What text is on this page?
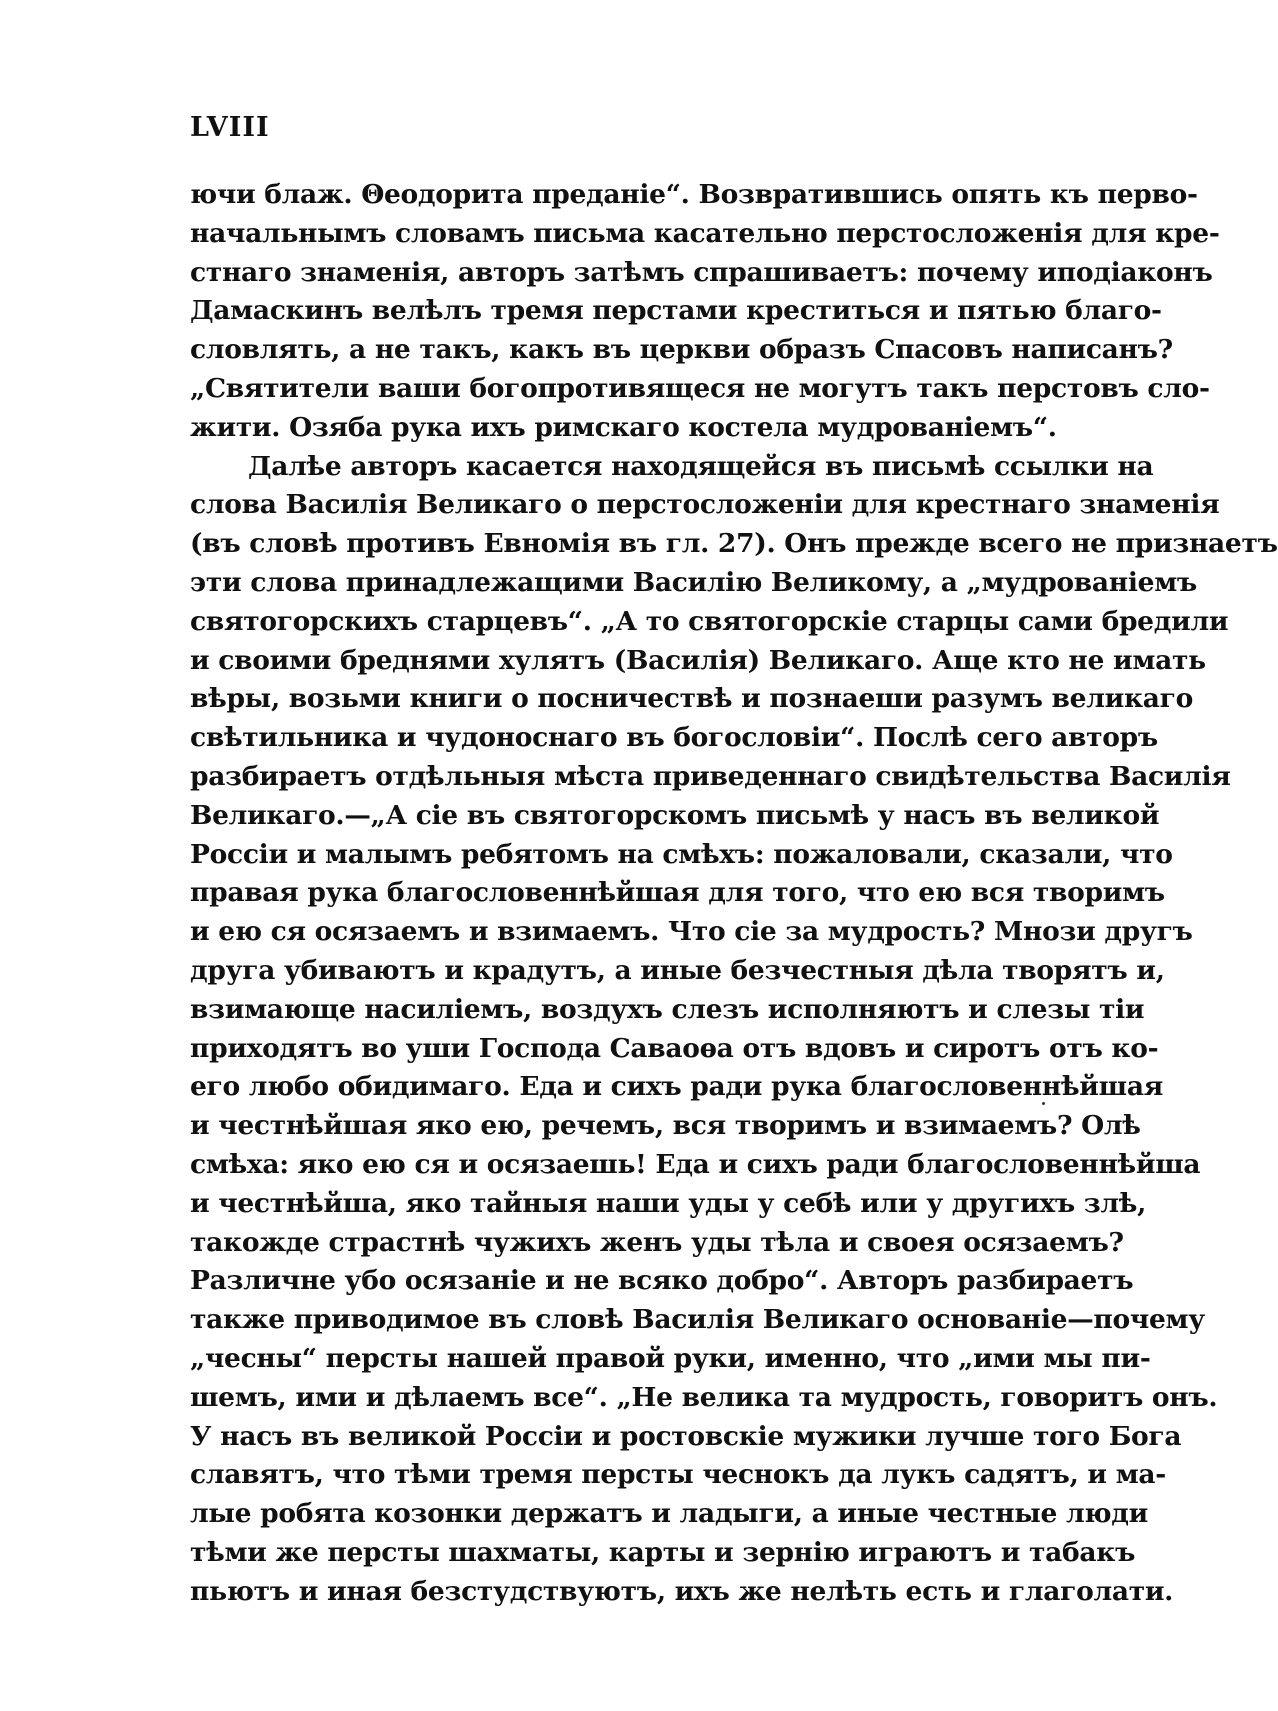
LVIII

ючи блаж. Θеодорита преданіе“. Возвратившись опять къ перво-
начальнымъ словамъ письма касательно перстосложенія для кре-
стнаго знаменія, авторъ затѣмъ спрашиваетъ: почему иподіаконъ
Дамаскинъ велѣлъ тремя перстами креститься и пятью благо-
словлять, а не такъ, какъ въ церкви образъ Спасовъ написанъ?
„Святители ваши богопротивящеся не могутъ такъ перстовъ сло-
жити. Озяба рука ихъ римскаго костела мудрованіемъ“.
Далѣе авторъ касается находящейся въ письмѣ ссылки на
слова Василія Великаго о перстосложеніи для крестнаго знаменія
(въ словѣ противъ Евномія въ гл. 27). Онъ прежде всего не признаетъ
эти слова принадлежащими Василію Великому, а „мудрованіемъ
святогорскихъ старцевъ“. „А то святогорскіе старцы сами бредили
и своими бреднями хулятъ (Василія) Великаго. Аще кто не имать
вѣры, возьми книги о посничествѣ и познаеши разумъ великаго
свѣтильника и чудоноснаго въ богословіи“. Послѣ сего авторъ
разбираетъ отдѣльныя мѣста приведеннаго свидѣтельства Василія
Великаго.—„А сіе въ святогорскомъ письмѣ у насъ въ великой
Россіи и малымъ ребятомъ на смѣхъ: пожаловали, сказали, что
правая рука благословеннѣйшая для того, что ею вся творимъ
и ею ся осязаемъ и взимаемъ. Что сіе за мудрость? Мнози другъ
друга убиваютъ и крадутъ, а иные безчестныя дѣла творятъ и,
взимающе насиліемъ, воздухъ слезъ исполняютъ и слезы тіи
приходятъ во уши Господа Саваоѳа отъ вдовъ и сиротъ отъ ко-
его любо обидимаго. Еда и сихъ ради рука благословеннѣйшая
и честнѣйшая яко ею, речемъ, вся творимъ и взимаемъ? Олѣ
смѣха: яко ею ся и осязаешь! Еда и сихъ ради благословеннѣйша
и честнѣйша, яко тайныя наши уды у себѣ или у другихъ злѣ,
такожде страстнѣ чужихъ женъ уды тѣла и своея осязаемъ?
Различне убо осязаніе и не всяко добро“. Авторъ разбираетъ
также приводимое въ словѣ Василія Великаго основаніе—почему
„чесны“ персты нашей правой руки, именно, что „ими мы пи-
шемъ, ими и дѣлаемъ все“. „Не велика та мудрость, говоритъ онъ.
У насъ въ великой Россіи и ростовскіе мужики лучше того Бога
славятъ, что тѣми тремя персты чеснокъ да лукъ садятъ, и ма-
лые робята козонки держатъ и ладыги, а иные честные люди
тѣми же персты шахматы, карты и зернію играютъ и табакъ
пьютъ и иная безстудствуютъ, ихъ же нелѣть есть и глаголати.
